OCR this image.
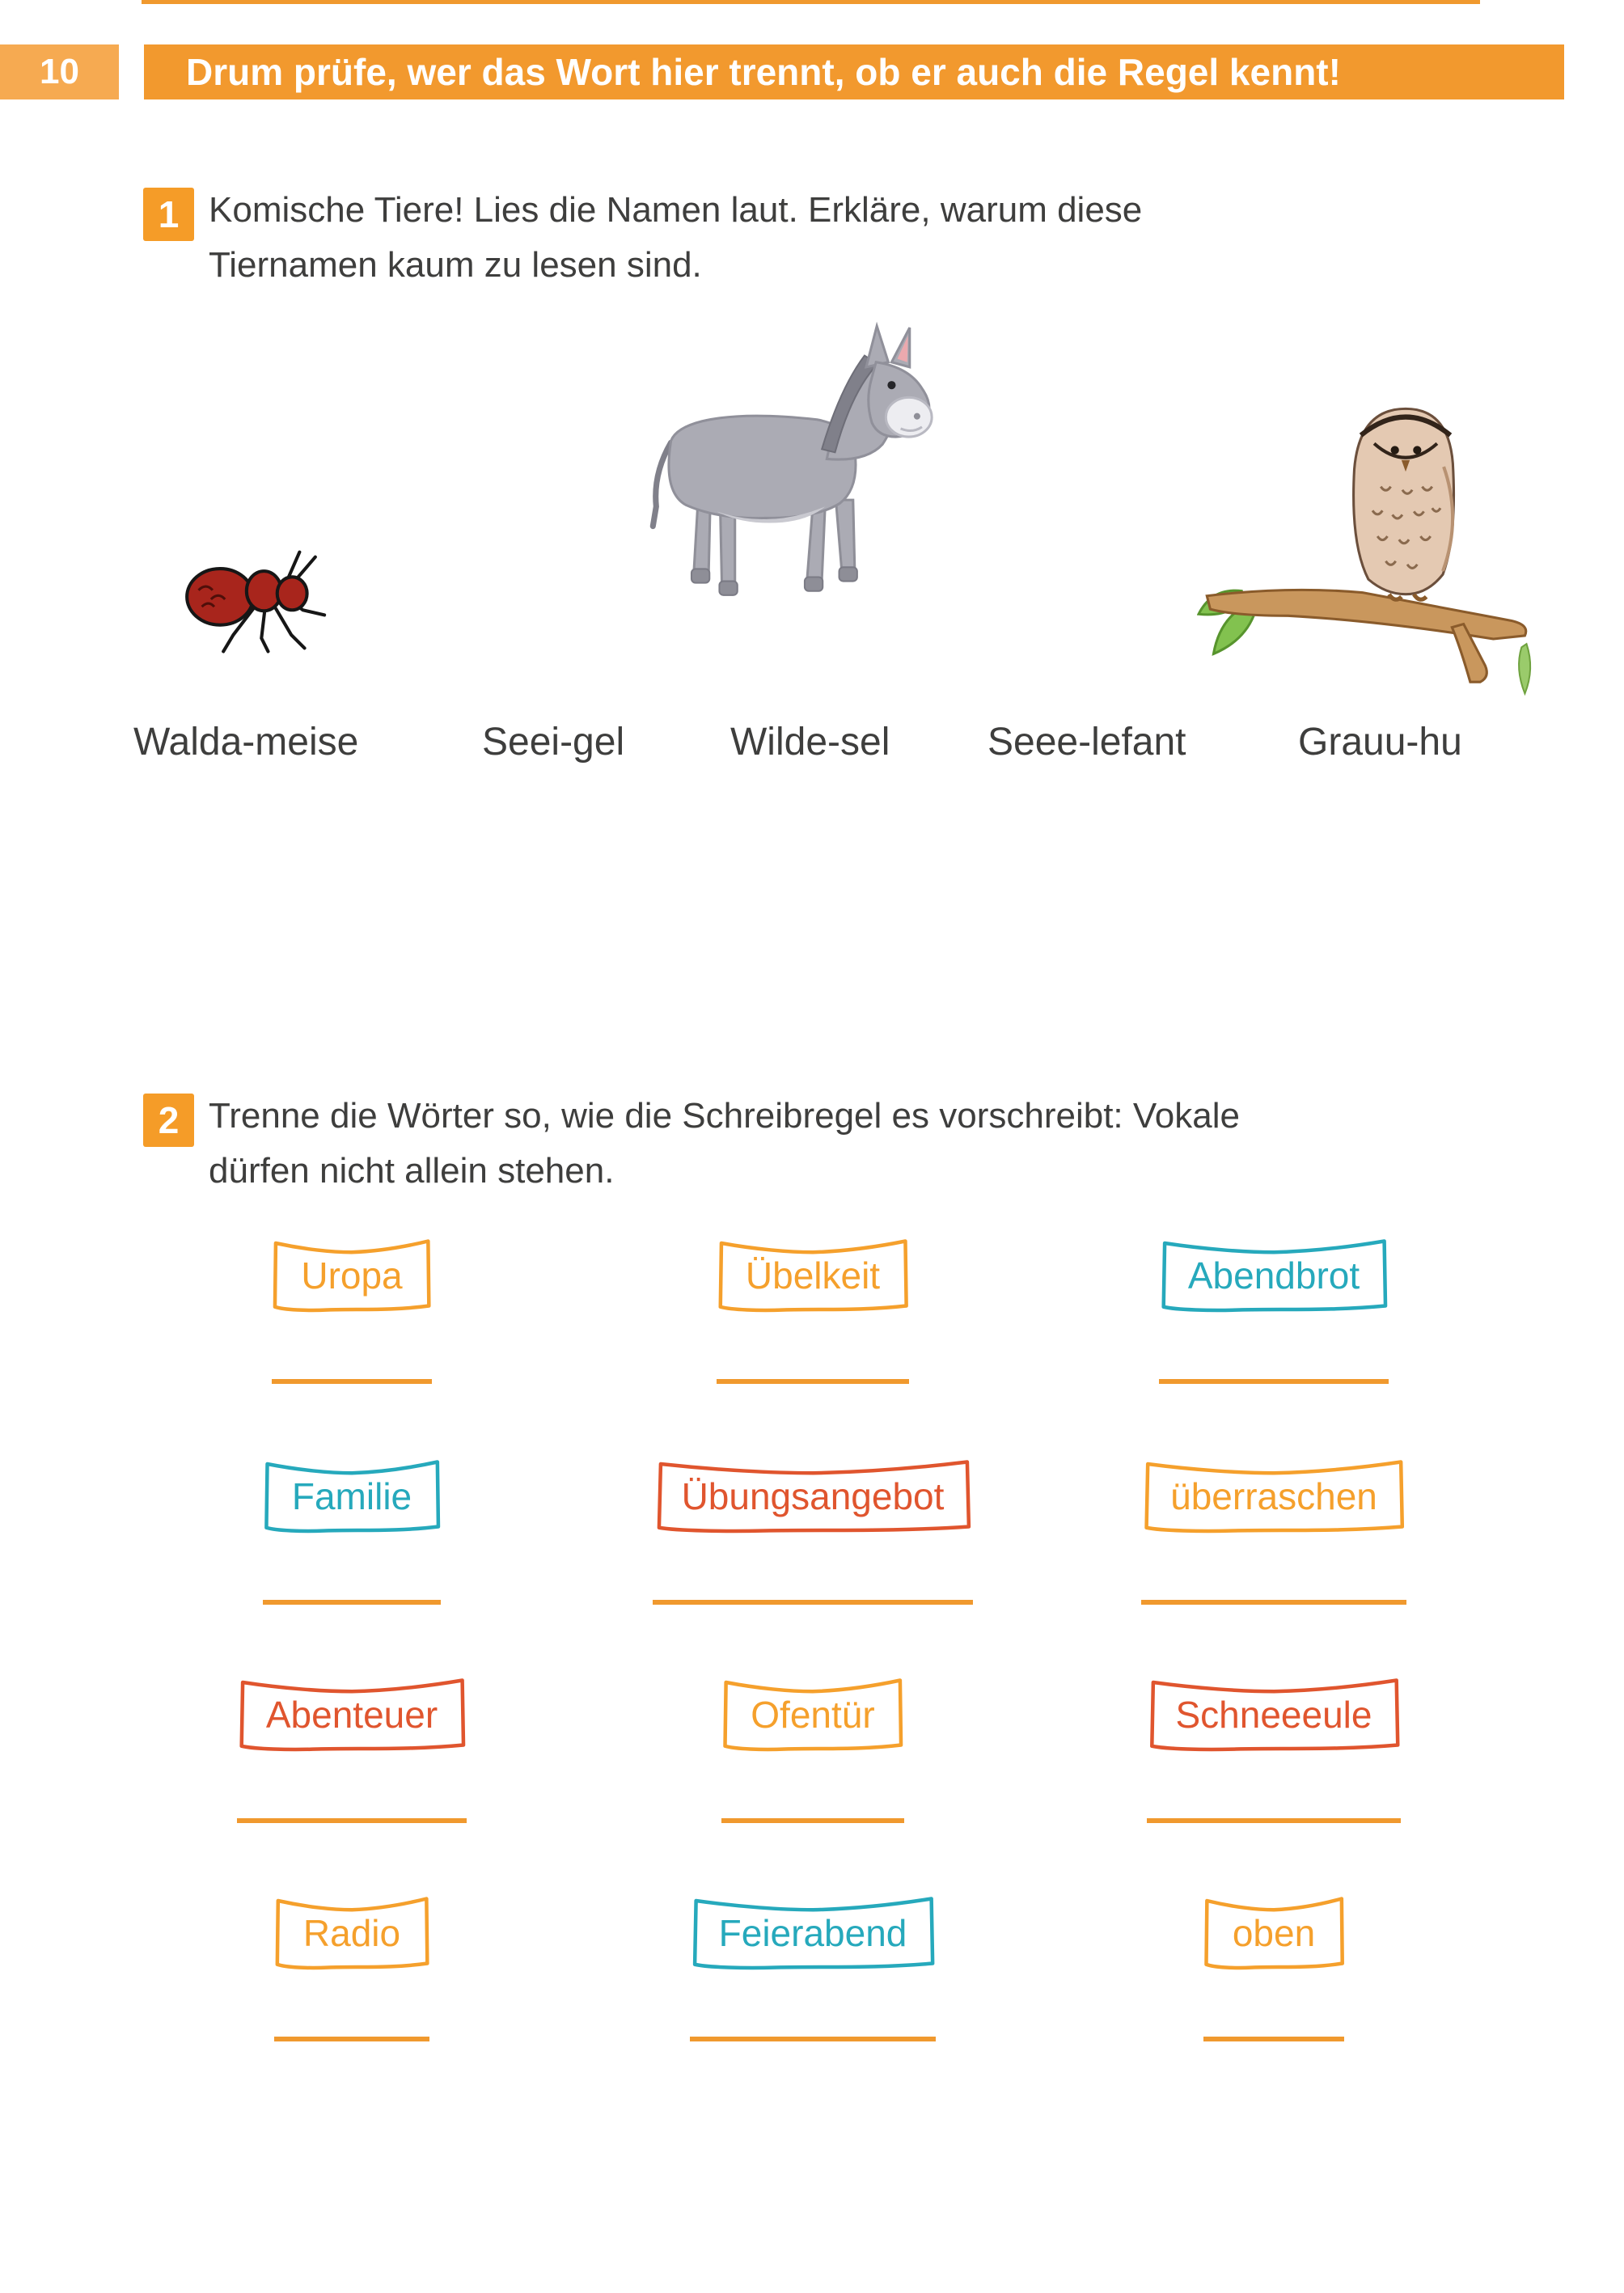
10	Drum prüfe, wer das Wort hier trennt, ob er auch die Regel kennt!
1 Komische Tiere! Lies die Namen laut. Erkläre, warum diese
Tiernamen kaum zu lesen sind.
Walda-meise	Seei-gel	Wilde-sel	Seee-lefant	Grauu-hu
2 Trenne die Wörter so, wie die Schreibregel es vorschreibt: Vokale
dürfen nicht allein stehen.
Uropa	Übelkeit	Abendbrot
Familie	Übungsangebot	überraschen
Abenteuer	Ofentür	Schneeeule
Radio	Feierabend	oben
